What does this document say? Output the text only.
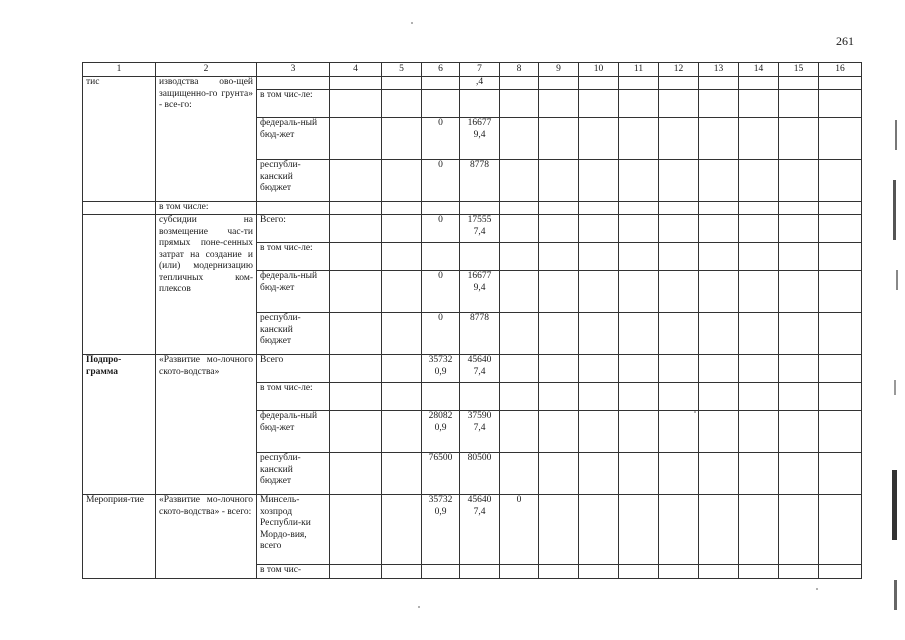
261
1	2	3	4	5	6	7	8	9	10	11	12	13	14	15	16
тис	изводства ово-щей защищенно-го грунта» - все-го:					,4									
		в том чис-ле:													
		федераль-ный бюд-жет			0	16677 9,4									
		республи-канский бюджет			0	8778									
	в том числе:														
	субсидии на возмещение час-ти прямых поне-сенных затрат на создание и (или) модернизацию тепличных ком-плексов	Всего:			0	17555 7,4									
		в том чис-ле:													
		федераль-ный бюд-жет			0	16677 9,4									
		республи-канский бюджет			0	8778									
Подпро-грамма	«Развитие мо-лочного ското-водства»	Всего			35732 0,9	45640 7,4									
		в том чис-ле:													
		федераль-ный бюд-жет			28082 0,9	37590 7,4									
		республи-канский бюджет			76500	80500									
Мероприя-тие	«Развитие мо-лочного ското-водства» - всего:	Минсель-хозпрод Республи-ки Мордо-вия, всего			35732 0,9	45640 7,4	0								
		в том чис-													
